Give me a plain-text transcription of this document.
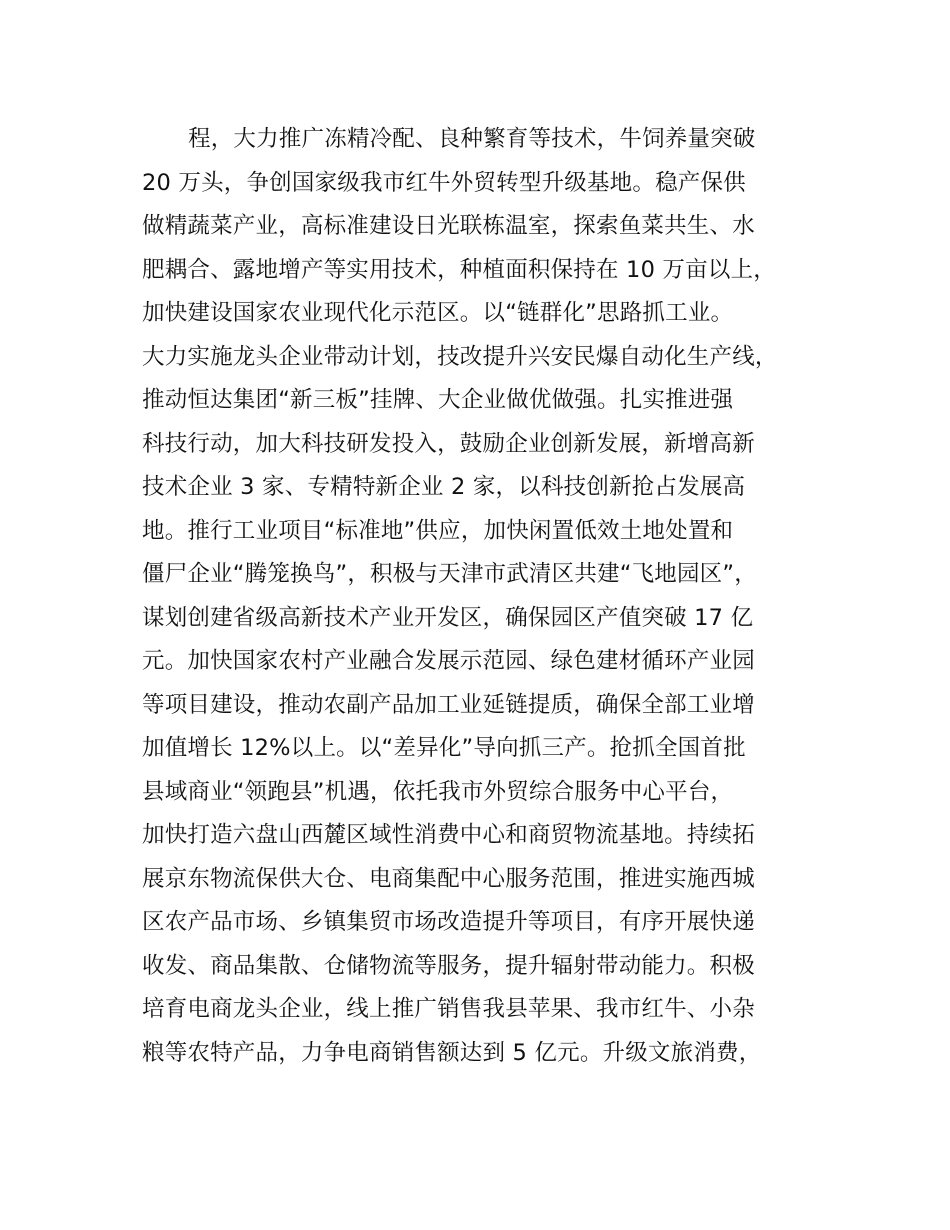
程，大力推广冻精冷配、良种繁育等技术，牛饲养量突破
20 万头，争创国家级我市红牛外贸转型升级基地。稳产保供
做精蔬菜产业，高标准建设日光联栋温室，探索鱼菜共生、水
肥耦合、露地增产等实用技术，种植面积保持在 10 万亩以上，
加快建设国家农业现代化示范区。以“链群化”思路抓工业。
大力实施龙头企业带动计划，技改提升兴安民爆自动化生产线，
推动恒达集团“新三板”挂牌、大企业做优做强。扎实推进强
科技行动，加大科技研发投入，鼓励企业创新发展，新增高新
技术企业 3 家、专精特新企业 2 家，以科技创新抢占发展高
地。推行工业项目“标准地”供应，加快闲置低效土地处置和
僵尸企业“腾笼换鸟”，积极与天津市武清区共建“飞地园区”，
谋划创建省级高新技术产业开发区，确保园区产值突破 17 亿
元。加快国家农村产业融合发展示范园、绿色建材循环产业园
等项目建设，推动农副产品加工业延链提质，确保全部工业增
加值增长 12%以上。以“差异化”导向抓三产。抢抓全国首批
县域商业“领跑县”机遇，依托我市外贸综合服务中心平台，
加快打造六盘山西麓区域性消费中心和商贸物流基地。持续拓
展京东物流保供大仓、电商集配中心服务范围，推进实施西城
区农产品市场、乡镇集贸市场改造提升等项目，有序开展快递
收发、商品集散、仓储物流等服务，提升辐射带动能力。积极
培育电商龙头企业，线上推广销售我县苹果、我市红牛、小杂
粮等农特产品，力争电商销售额达到 5 亿元。升级文旅消费，
